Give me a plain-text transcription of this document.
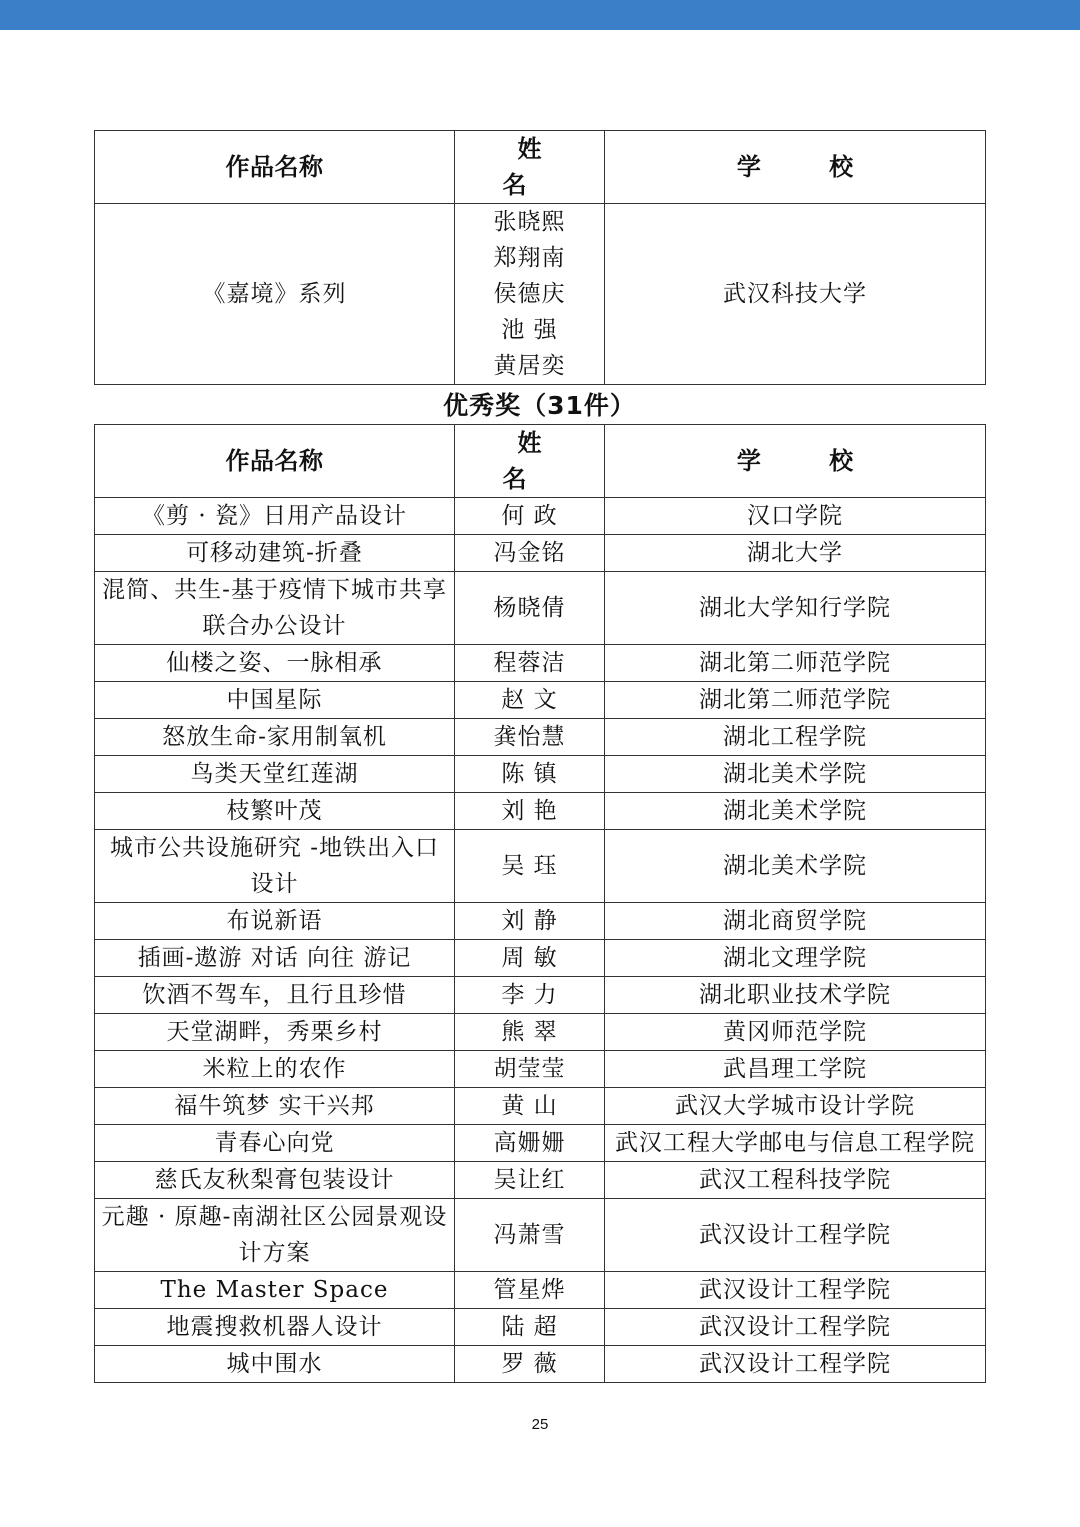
作品名称	姓 名	学 校
《嘉境》系列	张晓熙
郑翔南
侯德庆
池 强
黄居奕	武汉科技大学
优秀奖（31件）
作品名称	姓 名	学 校
《剪 · 瓷》日用产品设计	何 政	汉口学院
可移动建筑-折叠	冯金铭	湖北大学
混简、共生-基于疫情下城市共享联合办公设计	杨晓倩	湖北大学知行学院
仙楼之姿、一脉相承	程蓉洁	湖北第二师范学院
中国星际	赵 文	湖北第二师范学院
怒放生命-家用制氧机	龚怡慧	湖北工程学院
鸟类天堂红莲湖	陈 镇	湖北美术学院
枝繁叶茂	刘 艳	湖北美术学院
城市公共设施研究 -地铁出入口设计	吴 珏	湖北美术学院
布说新语	刘 静	湖北商贸学院
插画-遨游 对话 向往 游记	周 敏	湖北文理学院
饮酒不驾车，且行且珍惜	李 力	湖北职业技术学院
天堂湖畔，秀栗乡村	熊 翠	黄冈师范学院
米粒上的农作	胡莹莹	武昌理工学院
福牛筑梦 实干兴邦	黄 山	武汉大学城市设计学院
青春心向党	高姗姗	武汉工程大学邮电与信息工程学院
慈氏友秋梨膏包装设计	吴让红	武汉工程科技学院
元趣 · 原趣-南湖社区公园景观设计方案	冯萧雪	武汉设计工程学院
The Master Space	管星烨	武汉设计工程学院
地震搜救机器人设计	陆 超	武汉设计工程学院
城中围水	罗 薇	武汉设计工程学院
25
